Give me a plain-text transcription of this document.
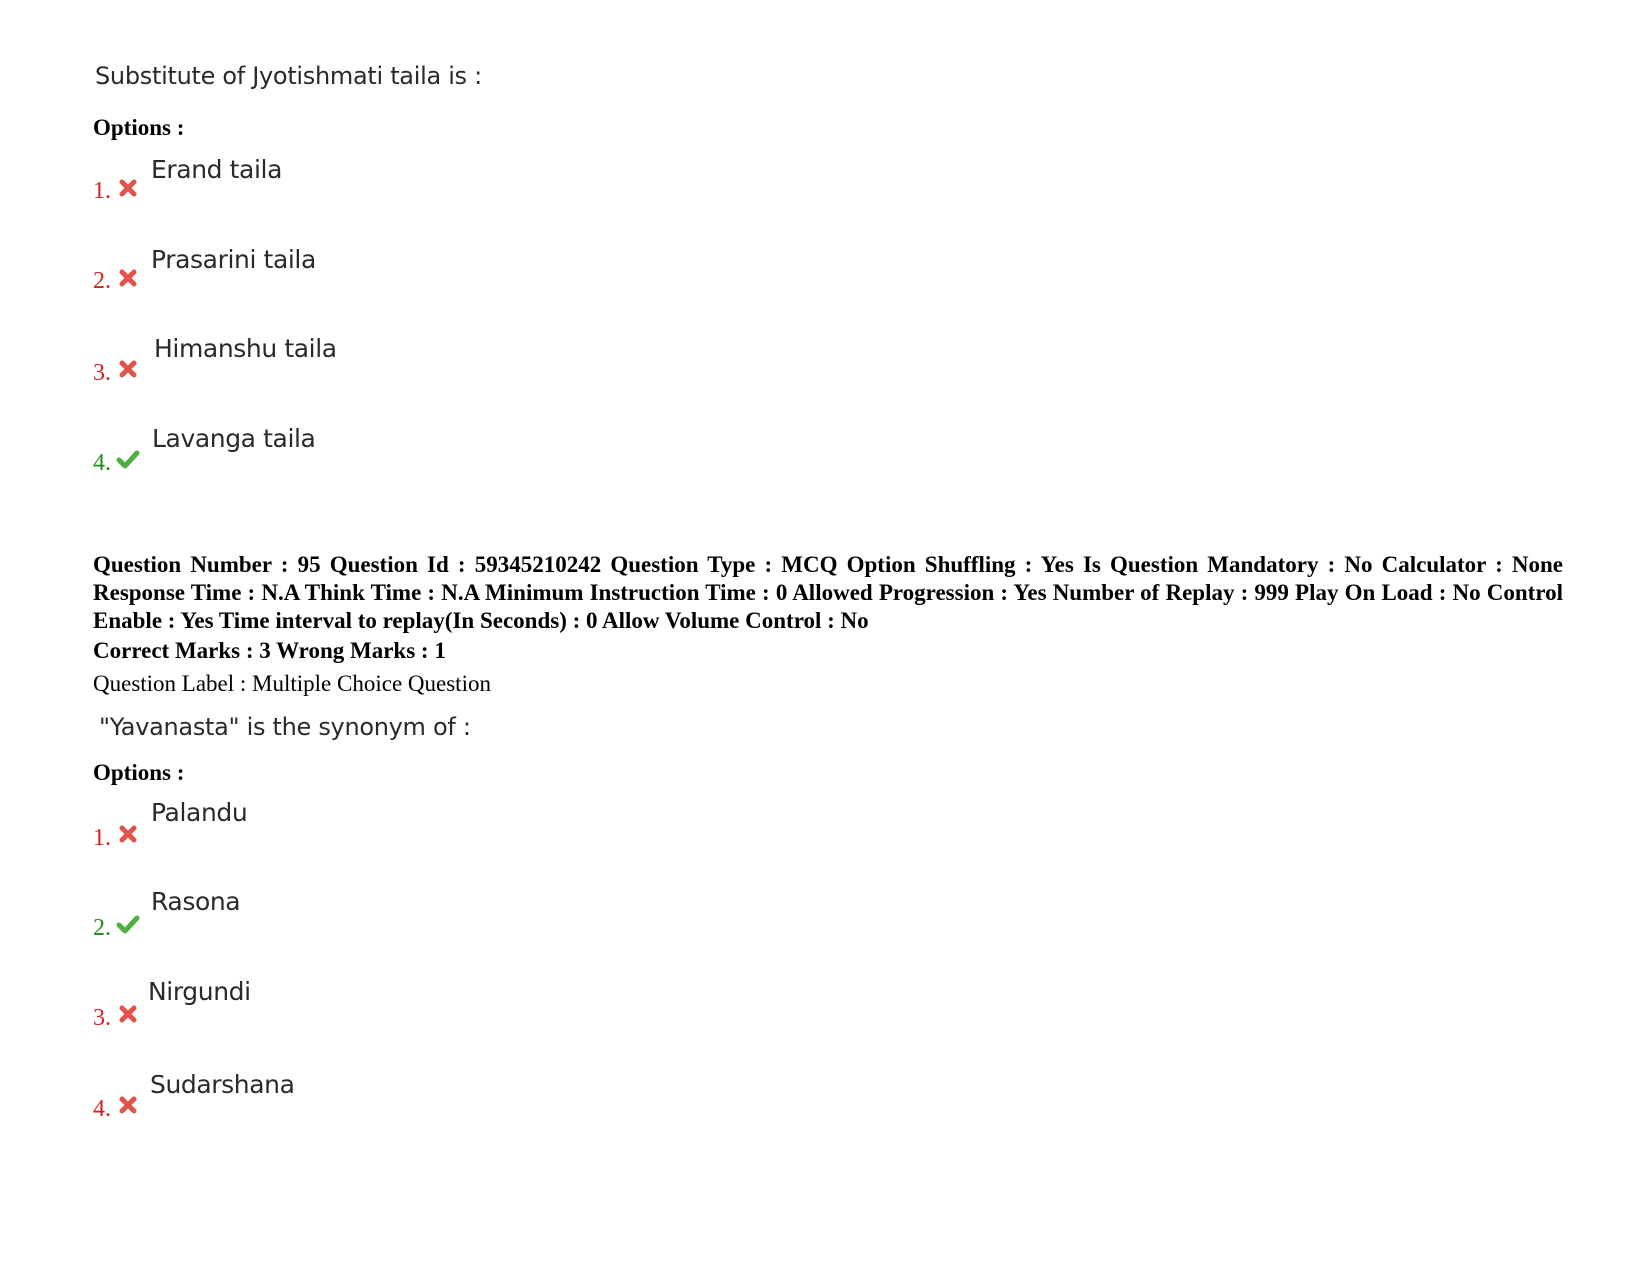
Substitute of Jyotishmati taila is :
Options :
1.
Erand taila
2.
Prasarini taila
3.
Himanshu taila
4.
Lavanga taila
Question Number : 95 Question Id : 59345210242 Question Type : MCQ Option Shuffling : Yes Is Question Mandatory : No Calculator : None Response Time : N.A Think Time : N.A Minimum Instruction Time : 0 Allowed Progression : Yes Number of Replay : 999 Play On Load : No Control Enable : Yes Time interval to replay(In Seconds) : 0 Allow Volume Control : No
Correct Marks : 3 Wrong Marks : 1
Question Label : Multiple Choice Question
"Yavanasta" is the synonym of :
Options :
1.
Palandu
2.
Rasona
3.
Nirgundi
4.
Sudarshana
